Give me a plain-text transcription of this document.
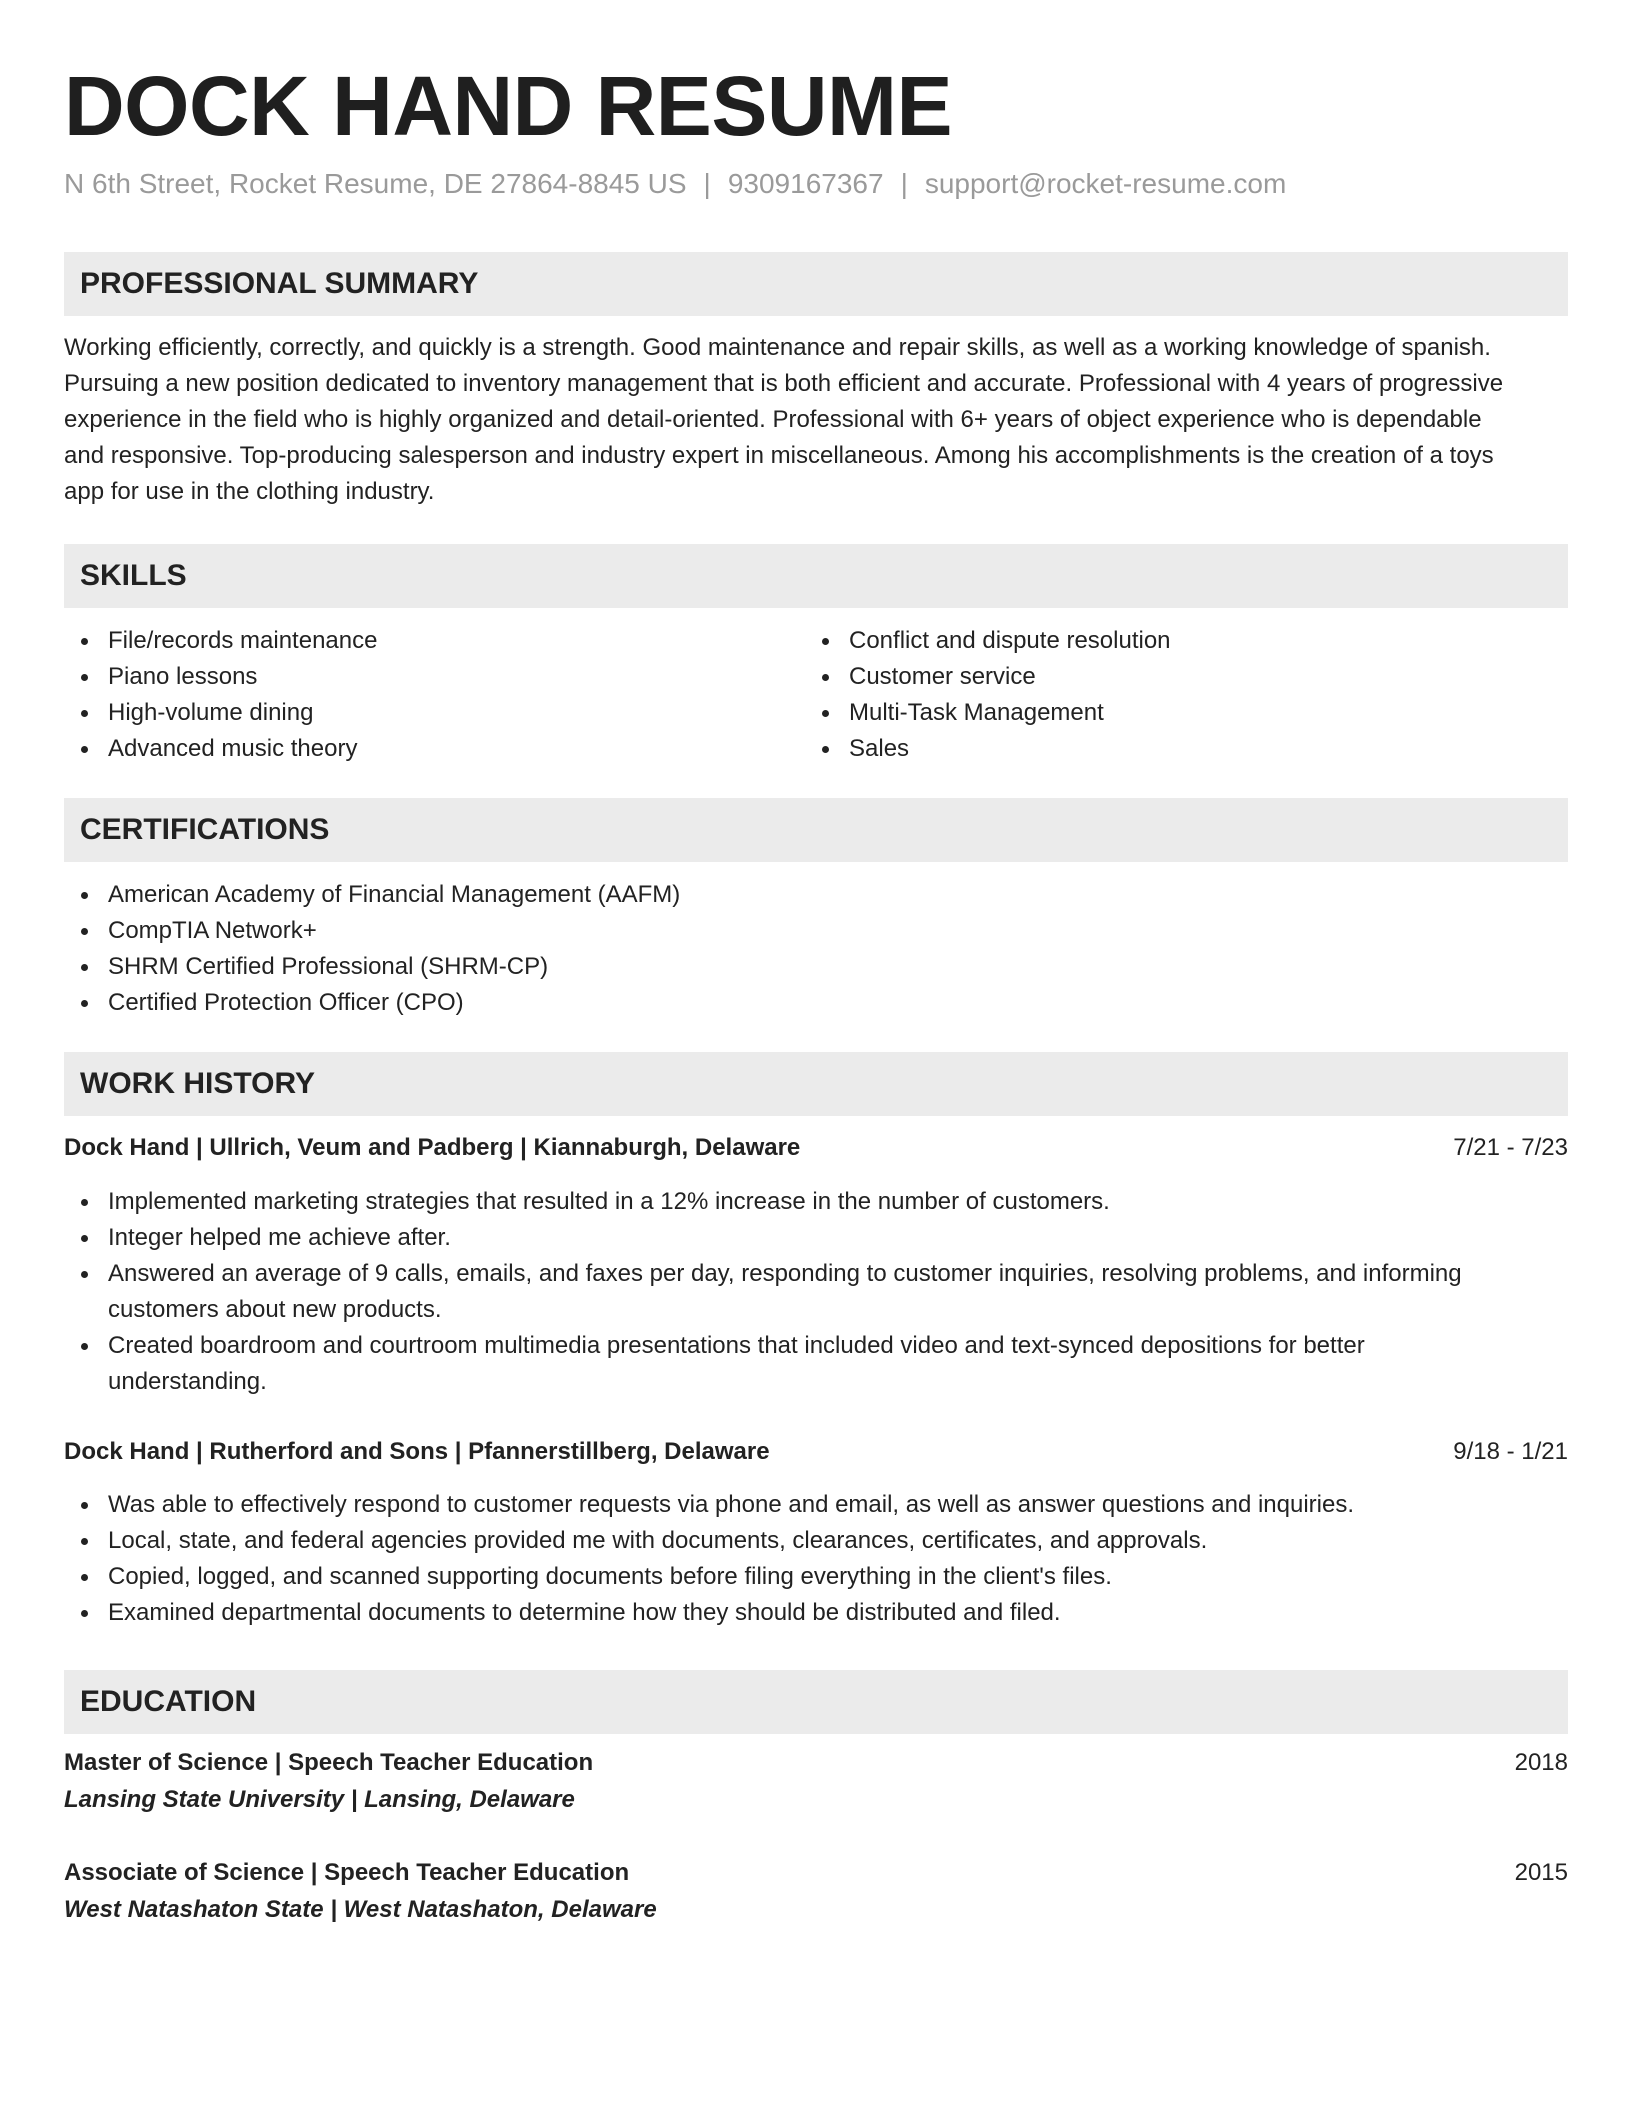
DOCK HAND RESUME
N 6th Street, Rocket Resume, DE 27864-8845 US | 9309167367 | support@rocket-resume.com
PROFESSIONAL SUMMARY
Working efficiently, correctly, and quickly is a strength. Good maintenance and repair skills, as well as a working knowledge of spanish.
Pursuing a new position dedicated to inventory management that is both efficient and accurate. Professional with 4 years of progressive
experience in the field who is highly organized and detail-oriented. Professional with 6+ years of object experience who is dependable
and responsive. Top-producing salesperson and industry expert in miscellaneous. Among his accomplishments is the creation of a toys
app for use in the clothing industry.
SKILLS
File/records maintenance
Piano lessons
High-volume dining
Advanced music theory
Conflict and dispute resolution
Customer service
Multi-Task Management
Sales
CERTIFICATIONS
American Academy of Financial Management (AAFM)
CompTIA Network+
SHRM Certified Professional (SHRM-CP)
Certified Protection Officer (CPO)
WORK HISTORY
Dock Hand | Ullrich, Veum and Padberg | Kiannaburgh, Delaware	7/21 - 7/23
Implemented marketing strategies that resulted in a 12% increase in the number of customers.
Integer helped me achieve after.
Answered an average of 9 calls, emails, and faxes per day, responding to customer inquiries, resolving problems, and informing
customers about new products.
Created boardroom and courtroom multimedia presentations that included video and text-synced depositions for better
understanding.
Dock Hand | Rutherford and Sons | Pfannerstillberg, Delaware	9/18 - 1/21
Was able to effectively respond to customer requests via phone and email, as well as answer questions and inquiries.
Local, state, and federal agencies provided me with documents, clearances, certificates, and approvals.
Copied, logged, and scanned supporting documents before filing everything in the client's files.
Examined departmental documents to determine how they should be distributed and filed.
EDUCATION
Master of Science | Speech Teacher Education	2018
Lansing State University | Lansing, Delaware
Associate of Science | Speech Teacher Education	2015
West Natashaton State | West Natashaton, Delaware
